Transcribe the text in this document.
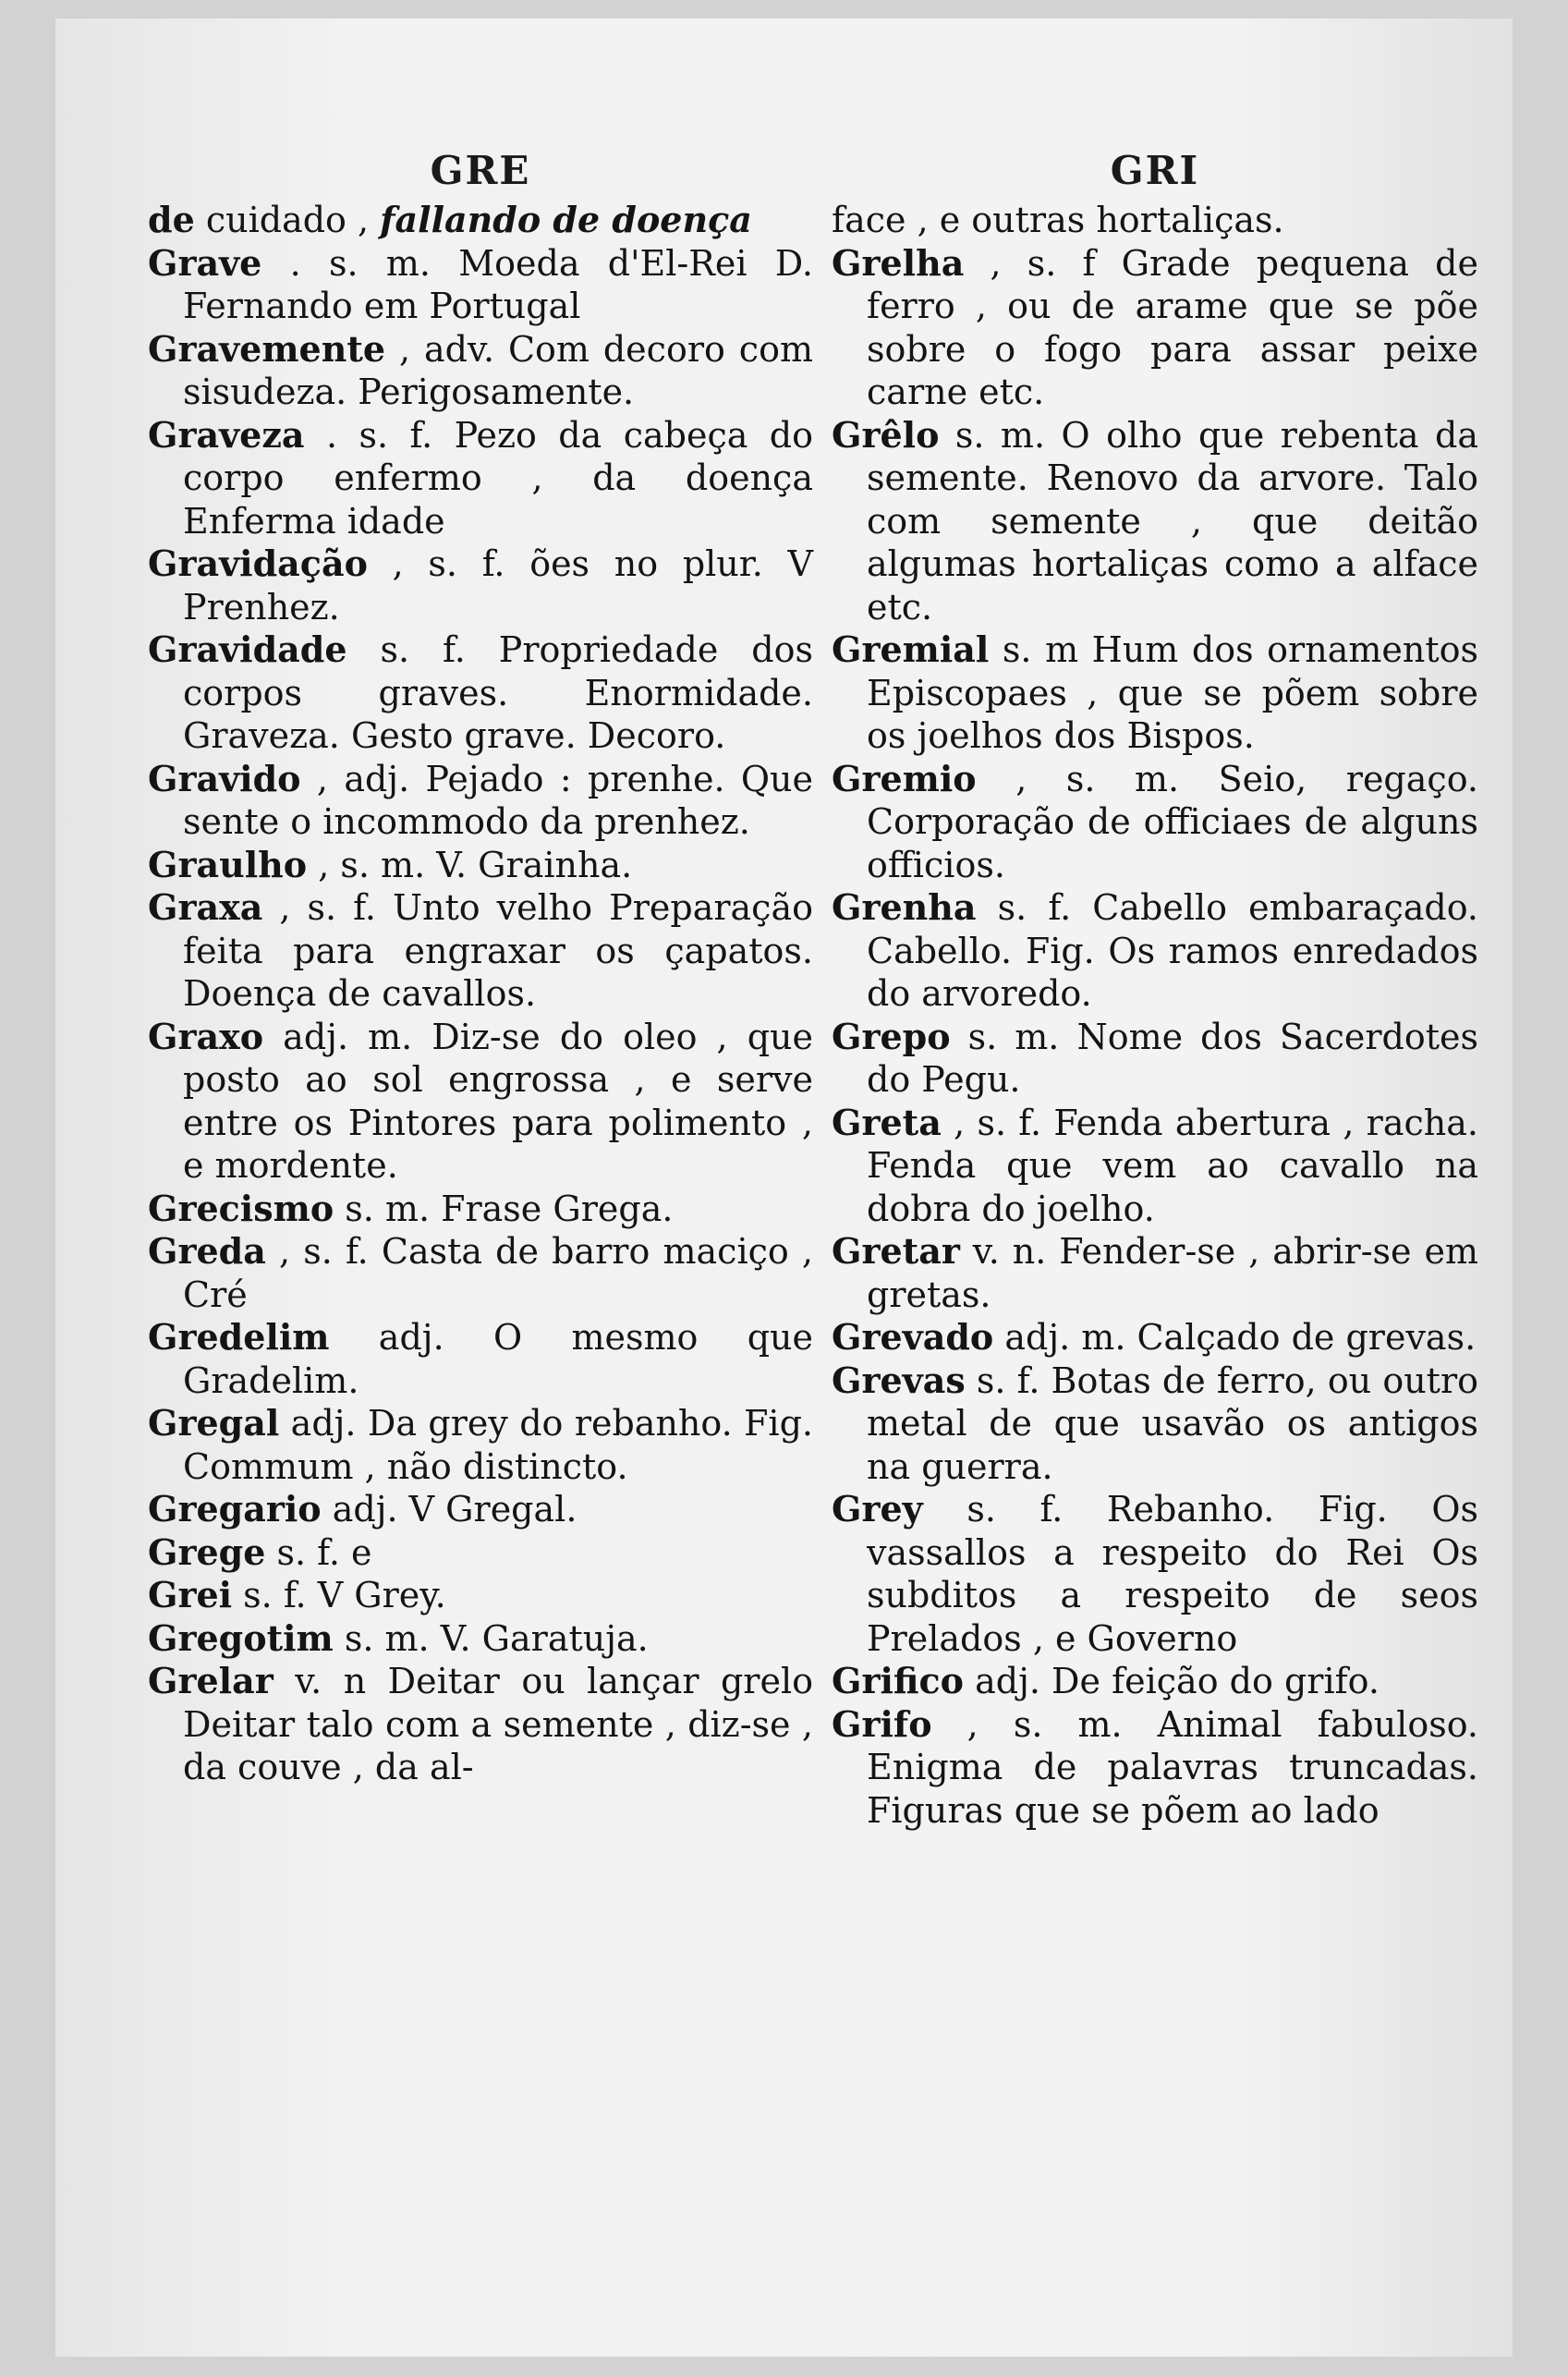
GRE

de cuidado , fallando de doença

Grave . s. m. Moeda d'El-Rei D. Fernando em Portugal

Gravemente , adv. Com decoro com sisudeza. Perigosamente.

Graveza . s. f. Pezo da cabeça do corpo enfermo , da doença Enferma idade

Gravidação , s. f. ões no plur. V Prenhez.

Gravidade s. f. Propriedade dos corpos graves. Enormidade. Graveza. Gesto grave. Decoro.

Gravido , adj. Pejado : prenhe. Que sente o incommodo da prenhez.

Graulho , s. m. V. Grainha.

Graxa , s. f. Unto velho Preparação feita para engraxar os çapatos. Doença de cavallos.

Graxo adj. m. Diz-se do oleo , que posto ao sol engrossa , e serve entre os Pintores para polimento , e mordente.

Grecismo s. m. Frase Grega.

Greda , s. f. Casta de barro maciço , Cré

Gredelim adj. O mesmo que Gradelim.

Gregal adj. Da grey do rebanho. Fig. Commum , não distincto.

Gregario adj. V Gregal.

Grege s. f. e

Grei s. f. V Grey.

Gregotim s. m. V. Garatuja.

Grelar v. n Deitar ou lançar grelo Deitar talo com a semente , diz-se , da couve , da al-

GRI

face , e outras hortaliças.

Grelha , s. f Grade pequena de ferro , ou de arame que se põe sobre o fogo para assar peixe carne etc.

Grêlo s. m. O olho que rebenta da semente. Renovo da arvore. Talo com semente , que deitão algumas hortaliças como a alface etc.

Gremial s. m Hum dos ornamentos Episcopaes , que se põem sobre os joelhos dos Bispos.

Gremio , s. m. Seio, regaço. Corporação de officiaes de alguns officios.

Grenha s. f. Cabello embaraçado. Cabello. Fig. Os ramos enredados do arvoredo.

Grepo s. m. Nome dos Sacerdotes do Pegu.

Greta , s. f. Fenda abertura , racha. Fenda que vem ao cavallo na dobra do joelho.

Gretar v. n. Fender-se , abrir-se em gretas.

Grevado adj. m. Calçado de grevas.

Grevas s. f. Botas de ferro, ou outro metal de que usavão os antigos na guerra.

Grey s. f. Rebanho. Fig. Os vassallos a respeito do Rei Os subditos a respeito de seos Prelados , e Governo

Grifico adj. De feição do grifo.

Grifo , s. m. Animal fabuloso. Enigma de palavras truncadas. Figuras que se põem ao lado
